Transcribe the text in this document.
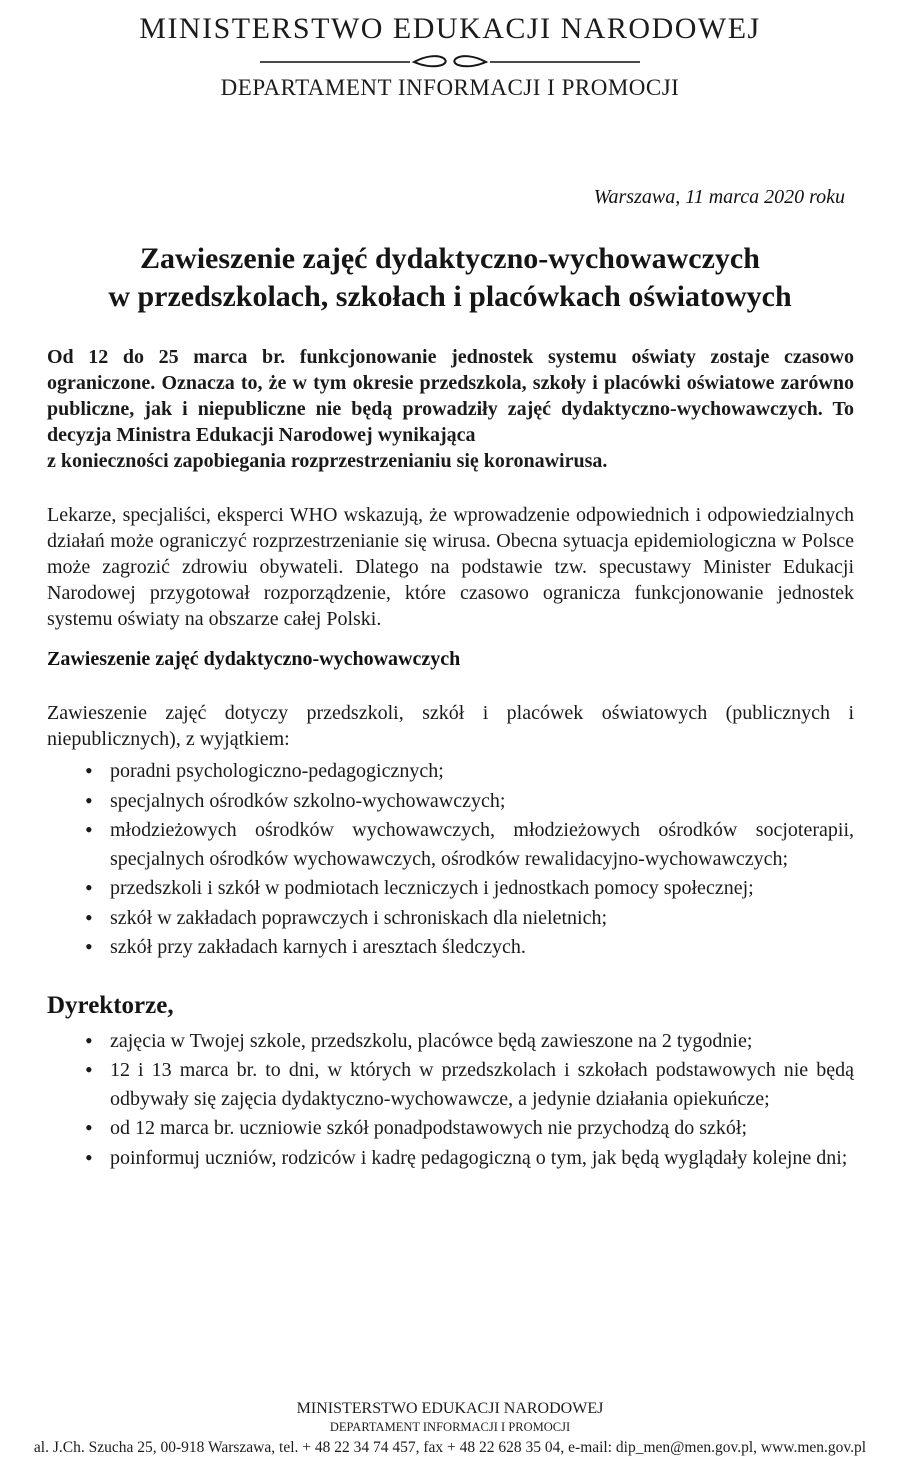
MINISTERSTWO EDUKACJI NARODOWEJ
DEPARTAMENT INFORMACJI I PROMOCJI
Warszawa, 11 marca 2020 roku
Zawieszenie zajęć dydaktyczno-wychowawczych
w przedszkolach, szkołach i placówkach oświatowych

Od 12 do 25 marca br. funkcjonowanie jednostek systemu oświaty zostaje czasowo ograniczone. Oznacza to, że w tym okresie przedszkola, szkoły i placówki oświatowe zarówno publiczne, jak i niepubliczne nie będą prowadziły zajęć dydaktyczno-wychowawczych. To decyzja Ministra Edukacji Narodowej wynikająca
z konieczności zapobiegania rozprzestrzenianiu się koronawirusa.

Lekarze, specjaliści, eksperci WHO wskazują, że wprowadzenie odpowiednich i odpowiedzialnych działań może ograniczyć rozprzestrzenianie się wirusa. Obecna sytuacja epidemiologiczna w Polsce może zagrozić zdrowiu obywateli. Dlatego na podstawie tzw. specustawy Minister Edukacji Narodowej przygotował rozporządzenie, które czasowo ogranicza funkcjonowanie jednostek systemu oświaty na obszarze całej Polski.

Zawieszenie zajęć dydaktyczno-wychowawczych

Zawieszenie zajęć dotyczy przedszkoli, szkół i placówek oświatowych (publicznych i niepublicznych), z wyjątkiem:

• poradni psychologiczno-pedagogicznych;
• specjalnych ośrodków szkolno-wychowawczych;
• młodzieżowych ośrodków wychowawczych, młodzieżowych ośrodków socjoterapii, specjalnych ośrodków wychowawczych, ośrodków rewalidacyjno-wychowawczych;
• przedszkoli i szkół w podmiotach leczniczych i jednostkach pomocy społecznej;
• szkół w zakładach poprawczych i schroniskach dla nieletnich;
• szkół przy zakładach karnych i aresztach śledczych.
Dyrektorze,
• zajęcia w Twojej szkole, przedszkolu, placówce będą zawieszone na 2 tygodnie;
• 12 i 13 marca br. to dni, w których w przedszkolach i szkołach podstawowych nie będą odbywały się zajęcia dydaktyczno-wychowawcze, a jedynie działania opiekuńcze;
• od 12 marca br. uczniowie szkół ponadpodstawowych nie przychodzą do szkół;
• poinformuj uczniów, rodziców i kadrę pedagogiczną o tym, jak będą wyglądały kolejne dni;
MINISTERSTWO EDUKACJI NARODOWEJ
DEPARTAMENT INFORMACJI I PROMOCJI
al. J.Ch. Szucha 25, 00-918 Warszawa, tel. + 48 22 34 74 457, fax + 48 22 628 35 04, e-mail: dip_men@men.gov.pl, www.men.gov.pl
